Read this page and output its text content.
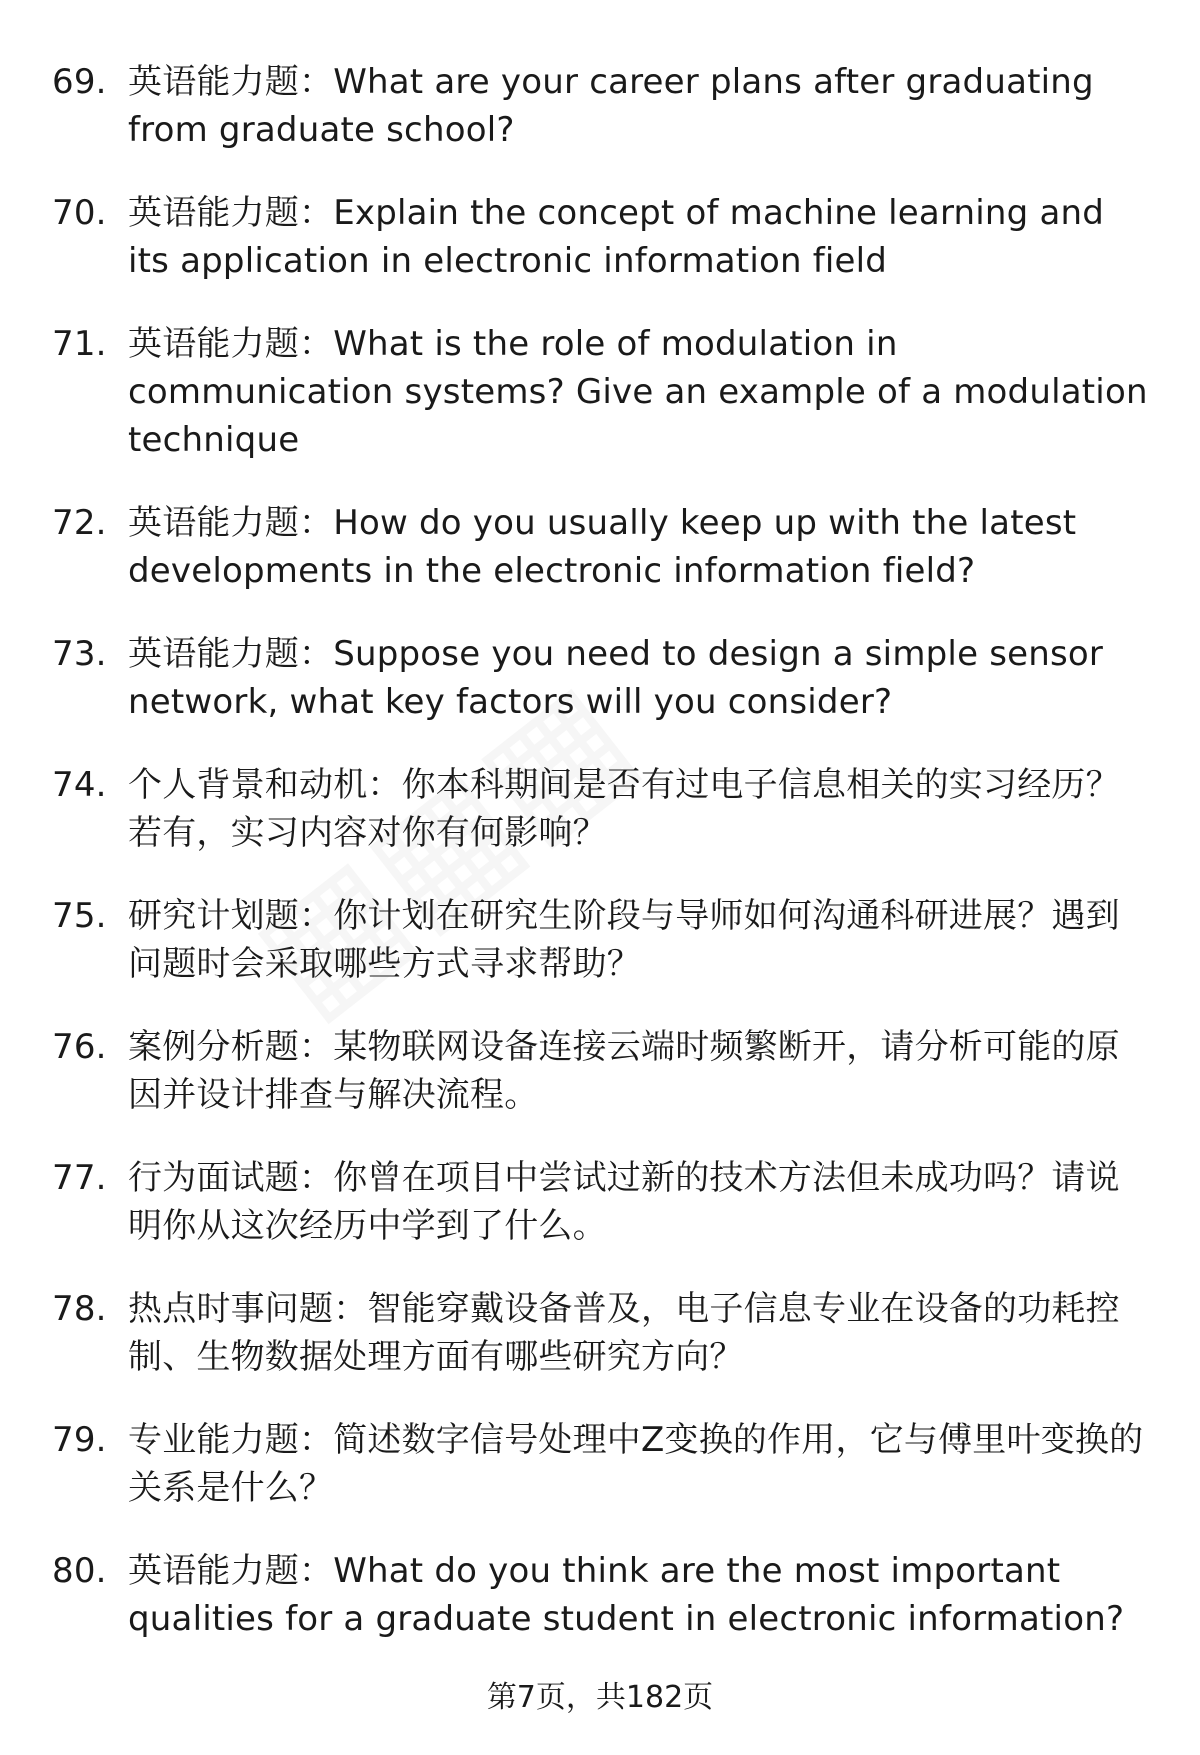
69. 英语能力题：What are your career plans after graduating from graduate school?
70. 英语能力题：Explain the concept of machine learning and its application in electronic information field
71. 英语能力题：What is the role of modulation in communication systems? Give an example of a modulation technique
72. 英语能力题：How do you usually keep up with the latest developments in the electronic information field?
73. 英语能力题：Suppose you need to design a simple sensor network, what key factors will you consider?
74. 个人背景和动机：你本科期间是否有过电子信息相关的实习经历？若有，实习内容对你有何影响？
75. 研究计划题：你计划在研究生阶段与导师如何沟通科研进展？遇到问题时会采取哪些方式寻求帮助？
76. 案例分析题：某物联网设备连接云端时频繁断开，请分析可能的原因并设计排查与解决流程。
77. 行为面试题：你曾在项目中尝试过新的技术方法但未成功吗？请说明你从这次经历中学到了什么。
78. 热点时事问题：智能穿戴设备普及，电子信息专业在设备的功耗控制、生物数据处理方面有哪些研究方向？
79. 专业能力题：简述数字信号处理中Z变换的作用，它与傅里叶变换的关系是什么？
80. 英语能力题：What do you think are the most important qualities for a graduate student in electronic information?
第7页，共182页
